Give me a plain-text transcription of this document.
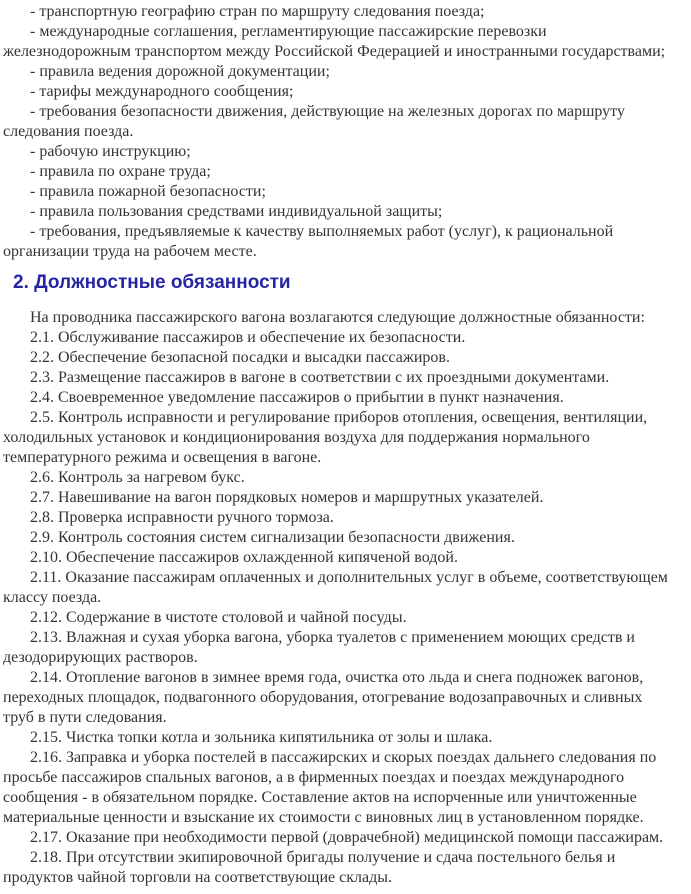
- транспортную географию стран по маршруту следования поезда;

- международные соглашения, регламентирующие пассажирские перевозки железнодорожным транспортом между Российской Федерацией и иностранными государствами;

- правила ведения дорожной документации;

- тарифы международного сообщения;

- требования безопасности движения, действующие на железных дорогах по маршруту следования поезда.

- рабочую инструкцию;

- правила по охране труда;

- правила пожарной безопасности;

- правила пользования средствами индивидуальной защиты;

- требования, предъявляемые к качеству выполняемых работ (услуг), к рациональной организации труда на рабочем месте.

2. Должностные обязанности

На проводника пассажирского вагона возлагаются следующие должностные обязанности:

2.1. Обслуживание пассажиров и обеспечение их безопасности.

2.2. Обеспечение безопасной посадки и высадки пассажиров.

2.3. Размещение пассажиров в вагоне в соответствии с их проездными документами.

2.4. Своевременное уведомление пассажиров о прибытии в пункт назначения.

2.5. Контроль исправности и регулирование приборов отопления, освещения, вентиляции, холодильных установок и кондиционирования воздуха для поддержания нормального температурного режима и освещения в вагоне.

2.6. Контроль за нагревом букс.

2.7. Навешивание на вагон порядковых номеров и маршрутных указателей.

2.8. Проверка исправности ручного тормоза.

2.9. Контроль состояния систем сигнализации безопасности движения.

2.10. Обеспечение пассажиров охлажденной кипяченой водой.

2.11. Оказание пассажирам оплаченных и дополнительных услуг в объеме, соответствующем классу поезда.

2.12. Содержание в чистоте столовой и чайной посуды.

2.13. Влажная и сухая уборка вагона, уборка туалетов с применением моющих средств и дезодорирующих растворов.

2.14. Отопление вагонов в зимнее время года, очистка ото льда и снега подножек вагонов, переходных площадок, подвагонного оборудования, отогревание водозаправочных и сливных труб в пути следования.

2.15. Чистка топки котла и зольника кипятильника от золы и шлака.

2.16. Заправка и уборка постелей в пассажирских и скорых поездах дальнего следования по просьбе пассажиров спальных вагонов, а в фирменных поездах и поездах международного сообщения - в обязательном порядке. Составление актов на испорченные или уничтоженные материальные ценности и взыскание их стоимости с виновных лиц в установленном порядке.

2.17. Оказание при необходимости первой (доврачебной) медицинской помощи пассажирам.

2.18. При отсутствии экипировочной бригады получение и сдача постельного белья и продуктов чайной торговли на соответствующие склады.
